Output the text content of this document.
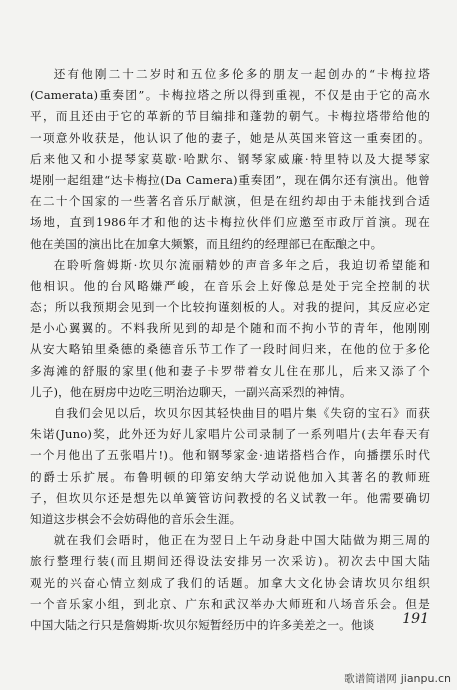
还有他刚二十二岁时和五位多伦多的朋友一起创办的“卡梅拉塔
(Camerata)重奏团”。卡梅拉塔之所以得到重视，不仅是由于它的高水
平，而且还由于它的革新的节目编排和蓬勃的朝气。卡梅拉塔带给他的
一项意外收获是，他认识了他的妻子，她是从英国来管这一重奏团的。
后来他又和小提琴家莫歇·哈默尔、钢琴家威廉·特里特以及大提琴家
堤刚一起组建“达卡梅拉(Da Camera)重奏团”，现在偶尔还有演出。他曾
在二十个国家的一些著名音乐厅献演，但是在纽约却由于未能找到合适
场地，直到1986年才和他的达卡梅拉伙伴们应邀至市政厅首演。现在
他在美国的演出比在加拿大频繁，而且纽约的经理部已在酝酿之中。
在聆听詹姆斯·坎贝尔流丽精妙的声音多年之后，我迫切希望能和
他相识。他的台风略嫌严峻，在音乐会上好像总是处于完全控制的状
态；所以我预期会见到一个比较拘谨刻板的人。对我的提问，其反应必定
是小心翼翼的。不料我所见到的却是个随和而不拘小节的青年，他刚刚
从安大略铂里桑德的桑德音乐节工作了一段时间归来，在他的位于多伦
多海滩的舒服的家里(他和妻子卡罗带着女儿住在那儿，后来又添了个
儿子)，他在厨房中边吃三明治边聊天，一副兴高采烈的神情。
自我们会见以后，坎贝尔因其轻快曲目的唱片集《失窃的宝石》而获
朱诺(Juno)奖，此外还为好儿家唱片公司录制了一系列唱片(去年春天有
一个月他出了五张唱片!)。他和钢琴家金·迪诺搭档合作，向播摆乐时代
的爵士乐扩展。布鲁明顿的印第安纳大学动说他加入其著名的教师班
子，但坎贝尔还是想先以单簧管访问教授的名义试教一年。他需要确切
知道这步棋会不会妨碍他的音乐会生涯。
就在我们会晤时，他正在为翌日上午动身赴中国大陆做为期三周的
旅行整理行装(而且期间还得设法安排另一次采访)。初次去中国大陆
观光的兴奋心情立刻成了我们的话题。加拿大文化协会请坎贝尔组织
一个音乐家小组，到北京、广东和武汉举办大师班和八场音乐会。但是
中国大陆之行只是詹姆斯·坎贝尔短暂经历中的许多美差之一。他谈	191
歌谱简谱网 jianpu.cn
